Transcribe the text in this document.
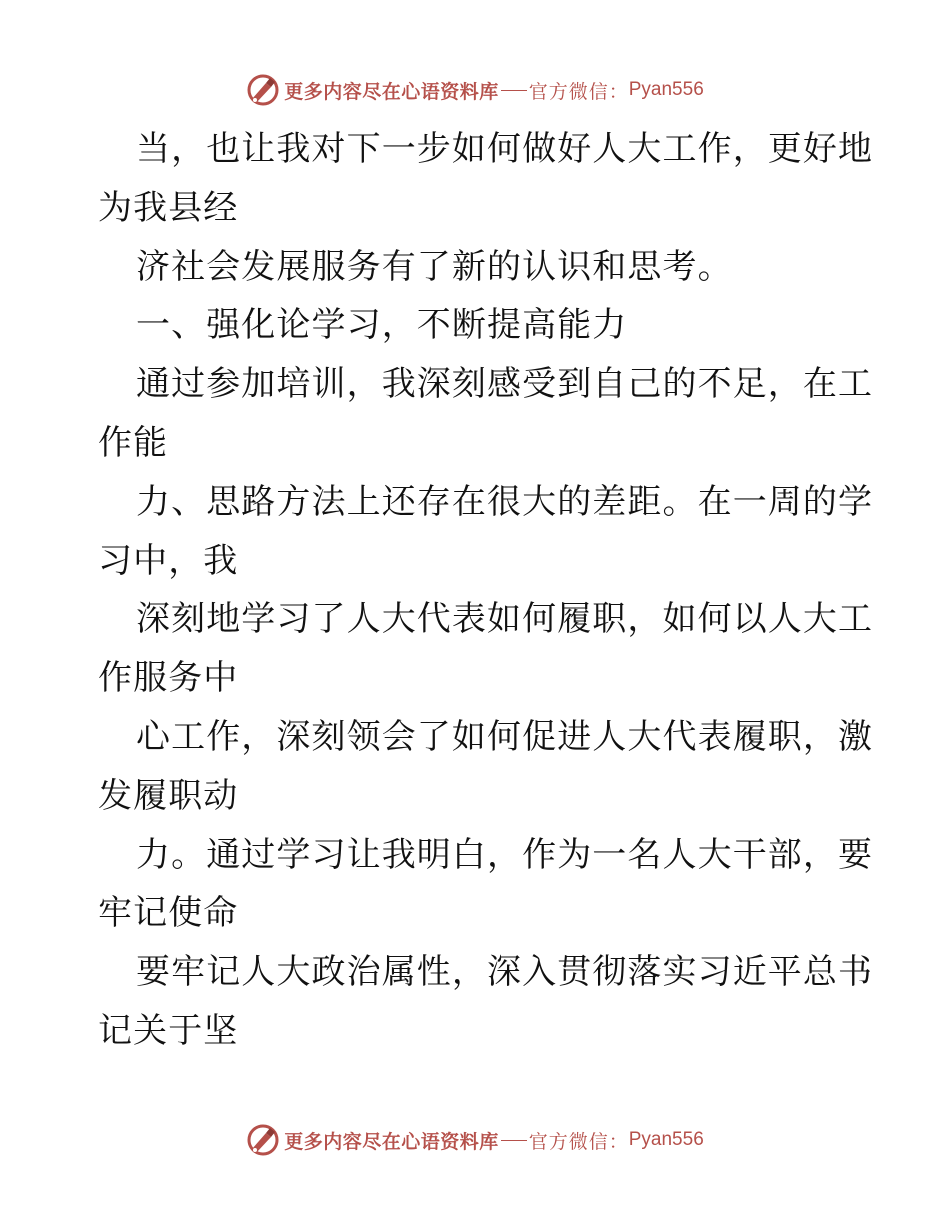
更多内容尽在心语资料库 官方微信： Pyan556
当，也让我对下一步如何做好人大工作，更好地
为我县经
济社会发展服务有了新的认识和思考。
一、强化论学习，不断提高能力
通过参加培训，我深刻感受到自己的不足，在工
作能
力、思路方法上还存在很大的差距。在一周的学
习中，我
深刻地学习了人大代表如何履职，如何以人大工
作服务中
心工作，深刻领会了如何促进人大代表履职，激
发履职动
力。通过学习让我明白，作为一名人大干部，要
牢记使命
要牢记人大政治属性，深入贯彻落实习近平总书
记关于坚
更多内容尽在心语资料库 官方微信： Pyan556
